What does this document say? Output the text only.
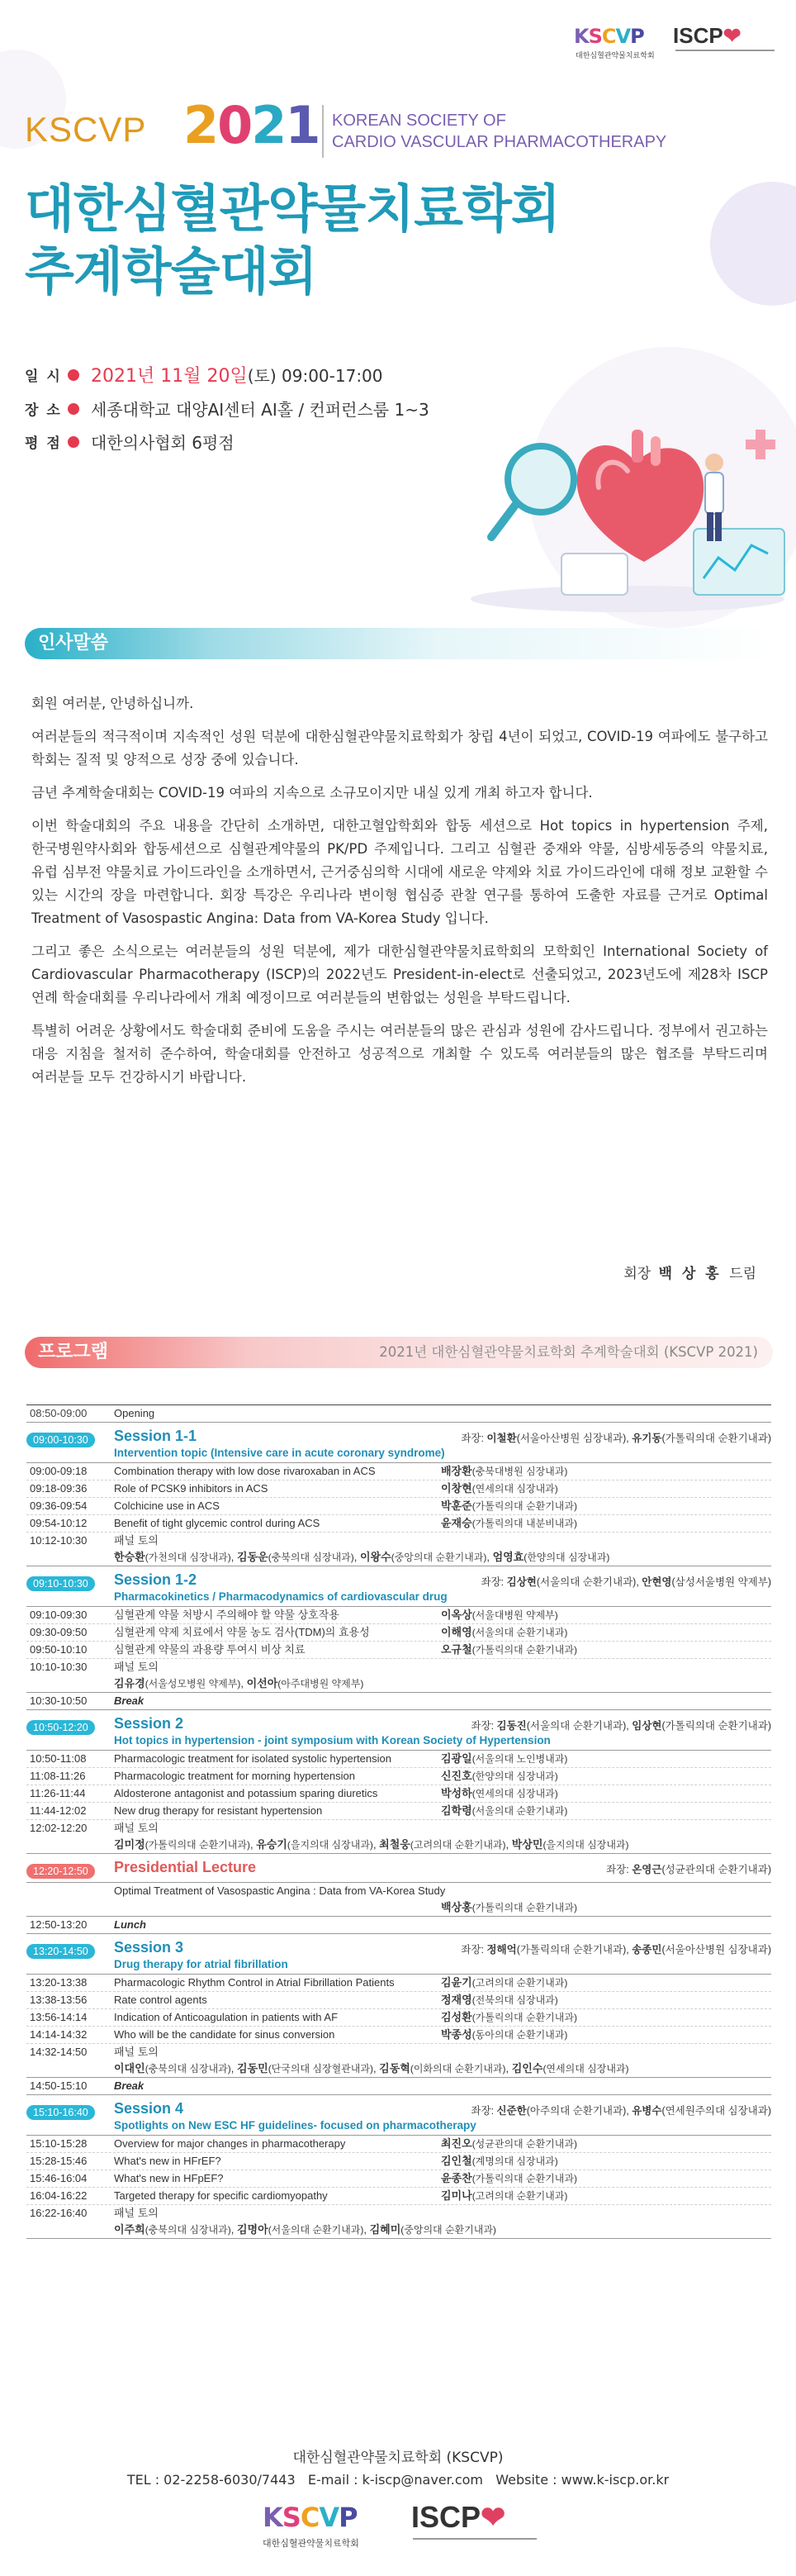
KSCVP
대한심혈관약물치료학회
ISCP❤
KSCVP 2021 KOREAN SOCIETY OF
CARDIO VASCULAR PHARMACOTHERAPY
대한심혈관약물치료학회
추계학술대회
일 시	2021년 11월 20일 (토) 09:00-17:00
장 소	세종대학교 대양AI센터 AI홀 / 컨퍼런스룸 1~3
평 점	대한의사협회 6평점
인사말씀

회원 여러분, 안녕하십니까.

여러분들의 적극적이며 지속적인 성원 덕분에 대한심혈관약물치료학회가 창립 4년이 되었고, COVID-19 여파에도 불구하고 학회는 질적 및 양적으로 성장 중에 있습니다.

금년 추계학술대회는 COVID-19 여파의 지속으로 소규모이지만 내실 있게 개최 하고자 합니다.

이번 학술대회의 주요 내용을 간단히 소개하면, 대한고혈압학회와 합동 세션으로 Hot topics in hypertension 주제, 한국병원약사회와 합동세션으로 심혈관계약물의 PK/PD 주제입니다. 그리고 심혈관 중재와 약물, 심방세동증의 약물치료, 유럽 심부전 약물치료 가이드라인을 소개하면서, 근거중심의학 시대에 새로운 약제와 치료 가이드라인에 대해 정보 교환할 수 있는 시간의 장을 마련합니다. 회장 특강은 우리나라 변이형 협심증 관찰 연구를 통하여 도출한 자료를 근거로 Optimal Treatment of Vasospastic Angina: Data from VA-Korea Study 입니다.

그리고 좋은 소식으로는 여러분들의 성원 덕분에, 제가 대한심혈관약물치료학회의 모학회인 International Society of Cardiovascular Pharmacotherapy (ISCP)의 2022년도 President-in-elect로 선출되었고, 2023년도에 제28차 ISCP 연례 학술대회를 우리나라에서 개최 예정이므로 여러분들의 변함없는 성원을 부탁드립니다.

특별히 어려운 상황에서도 학술대회 준비에 도움을 주시는 여러분들의 많은 관심과 성원에 감사드립니다. 정부에서 권고하는 대응 지침을 철저히 준수하여, 학술대회를 안전하고 성공적으로 개최할 수 있도록 여러분들의 많은 협조를 부탁드리며 여러분들 모두 건강하시기 바랍니다.

회장 백 상 홍 드림
프로그램	2021년 대한심혈관약물치료학회 추계학술대회 (KSCVP 2021)
08:50-09:00	Opening
09:00-10:30	Session 1-1	좌장: 이철환(서울아산병원 심장내과), 유기동(가톨릭의대 순환기내과)
Intervention topic (Intensive care in acute coronary syndrome)
09:00-09:18	Combination therapy with low dose rivaroxaban in ACS	배장환(충북대병원 심장내과)
09:18-09:36	Role of PCSK9 inhibitors in ACS	이창현(연세의대 심장내과)
09:36-09:54	Colchicine use in ACS	박훈준(가톨릭의대 순환기내과)
09:54-10:12	Benefit of tight glycemic control during ACS	윤재승(가톨릭의대 내분비내과)
10:12-10:30	패널 토의
한승환(가천의대 심장내과), 김동운(충북의대 심장내과), 이왕수(중앙의대 순환기내과), 엄영효(한양의대 심장내과)
09:10-10:30	Session 1-2	좌장: 김상현(서울의대 순환기내과), 안현영(삼성서울병원 약제부)
Pharmacokinetics / Pharmacodynamics of cardiovascular drug
09:10-09:30	심혈관계 약물 처방시 주의해야 할 약물 상호작용	이옥상(서울대병원 약제부)
09:30-09:50	심혈관계 약제 치료에서 약물 농도 검사(TDM)의 효용성	이해영(서울의대 순환기내과)
09:50-10:10	심혈관계 약물의 과용량 투여시 비상 치료	오규철(가톨릭의대 순환기내과)
10:10-10:30	패널 토의
김유경(서울성모병원 약제부), 이선아(아주대병원 약제부)
10:30-10:50	Break
10:50-12:20	Session 2	좌장: 김동진(서울의대 순환기내과), 임상현(가톨릭의대 순환기내과)
Hot topics in hypertension - joint symposium with Korean Society of Hypertension
10:50-11:08	Pharmacologic treatment for isolated systolic hypertension	김광일(서울의대 노인병내과)
11:08-11:26	Pharmacologic treatment for morning hypertension	신진호(한양의대 심장내과)
11:26-11:44	Aldosterone antagonist and potassium sparing diuretics	박성하(연세의대 심장내과)
11:44-12:02	New drug therapy for resistant hypertension	김학령(서울의대 순환기내과)
12:02-12:20	패널 토의
김미정(가톨릭의대 순환기내과), 유승기(을지의대 심장내과), 최철웅(고려의대 순환기내과), 박상민(을지의대 심장내과)
12:20-12:50	Presidential Lecture	좌장: 온영근(성균관의대 순환기내과)
Optimal Treatment of Vasospastic Angina : Data from VA-Korea Study
백상홍(가톨릭의대 순환기내과)
12:50-13:20	Lunch
13:20-14:50	Session 3	좌장: 정해억(가톨릭의대 순환기내과), 송종민(서울아산병원 심장내과)
Drug therapy for atrial fibrillation
13:20-13:38	Pharmacologic Rhythm Control in Atrial Fibrillation Patients	김윤기(고려의대 순환기내과)
13:38-13:56	Rate control agents	정재영(전북의대 심장내과)
13:56-14:14	Indication of Anticoagulation in patients with AF	김성환(가톨릭의대 순환기내과)
14:14-14:32	Who will be the candidate for sinus conversion	박종성(동아의대 순환기내과)
14:32-14:50	패널 토의
이대인(충북의대 심장내과), 김동민(단국의대 심장혈관내과), 김동혁(이화의대 순환기내과), 김인수(연세의대 심장내과)
14:50-15:10	Break
15:10-16:40	Session 4	좌장: 신준한(아주의대 순환기내과), 유병수(연세원주의대 심장내과)
Spotlights on New ESC HF guidelines- focused on pharmacotherapy
15:10-15:28	Overview for major changes in pharmacotherapy	최진오(성균관의대 순환기내과)
15:28-15:46	What's new in HFrEF?	김인철(계명의대 심장내과)
15:46-16:04	What's new in HFpEF?	윤종찬(가톨릭의대 순환기내과)
16:04-16:22	Targeted therapy for specific cardiomyopathy	김미나(고려의대 순환기내과)
16:22-16:40	패널 토의
이주희(충북의대 심장내과), 김명아(서울의대 순환기내과), 김혜미(중앙의대 순환기내과)
대한심혈관약물치료학회 (KSCVP)
TEL : 02-2258-6030/7443   E-mail : k-iscp@naver.com   Website : www.k-iscp.or.kr
KSCVP
대한심혈관약물치료학회
ISCP❤
